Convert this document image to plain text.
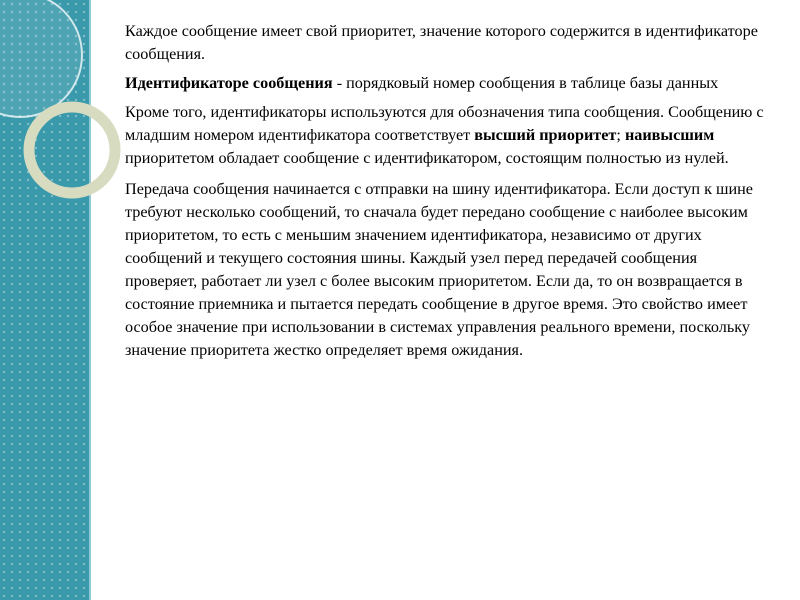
Каждое сообщение имеет свой приоритет, значение которого содержится в идентификаторе сообщения.

Идентификаторе сообщения - порядковый номер сообщения в таблице базы данных

Кроме того, идентификаторы используются для обозначения типа сообщения. Сообщению с младшим номером идентификатора соответствует высший приоритет; наивысшим приоритетом обладает сообщение с идентификатором, состоящим полностью из нулей.

Передача сообщения начинается с отправки на шину идентификатора. Если доступ к шине требуют несколько сообщений, то сначала будет передано сообщение с наиболее высоким приоритетом, то есть с меньшим значением идентификатора, независимо от других сообщений и текущего состояния шины. Каждый узел перед передачей сообщения проверяет, работает ли узел с более высоким приоритетом. Если да, то он возвращается в состояние приемника и пытается передать сообщение в другое время. Это свойство имеет особое значение при использовании в системах управления реального времени, поскольку значение приоритета жестко определяет время ожидания.
